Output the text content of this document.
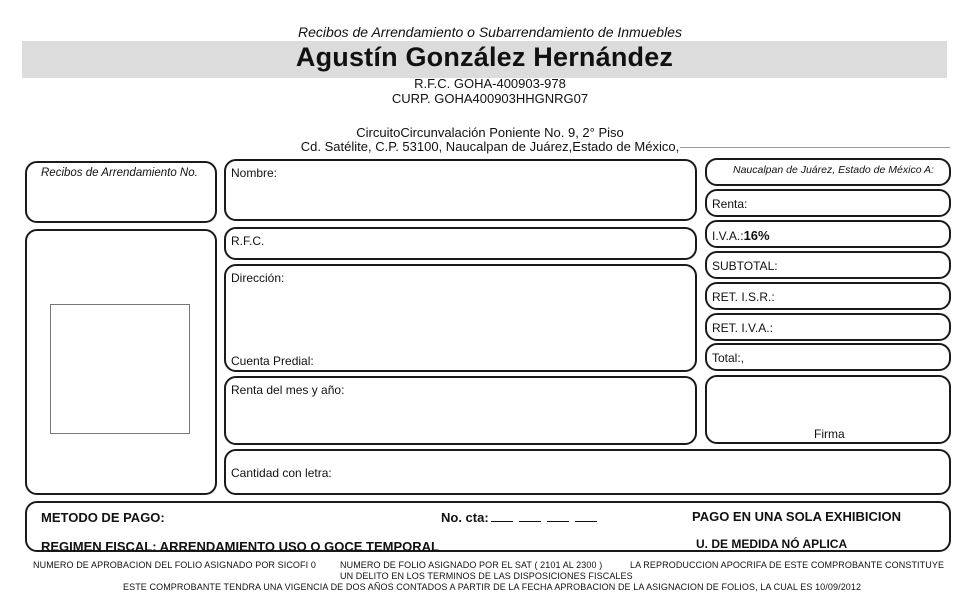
Recibos de Arrendamiento o Subarrendamiento de Inmuebles
Agustín González Hernández
R.F.C. GOHA-400903-978
CURP. GOHA400903HHGNRG07
CircuitoCircunvalación Poniente No. 9, 2° Piso
Cd. Satélite, C.P. 53100, Naucalpan de Juárez,Estado de México,
Recibos de Arrendamiento No.	Nombre:
R.F.C.
Dirección:
Cuenta Predial:
Renta del mes y año:
Cantidad con letra:
Naucalpan de Juárez, Estado de México A:
Renta:
I.V.A.:16%
SUBTOTAL:
RET. I.S.R.:
RET. I.V.A.:
Total:,
Firma
METODO DE PAGO:	No. cta:	PAGO EN UNA SOLA EXHIBICION
REGIMEN FISCAL: ARRENDAMIENTO USO O GOCE TEMPORAL	U. DE MEDIDA NÓ APLICA
NUMERO DE APROBACION DEL FOLIO ASIGNADO POR SICOFI 0	NUMERO DE FOLIO ASIGNADO POR EL SAT ( 2101 AL 2300 )	LA REPRODUCCION APOCRIFA DE ESTE COMPROBANTE CONSTITUYE
UN DELITO EN LOS TERMINOS DE LAS DISPOSICIONES FISCALES
ESTE COMPROBANTE TENDRA UNA VIGENCIA DE DOS AÑOS CONTADOS A PARTIR DE LA FECHA APROBACION DE LA ASIGNACION DE FOLIOS, LA CUAL ES 10/09/2012
